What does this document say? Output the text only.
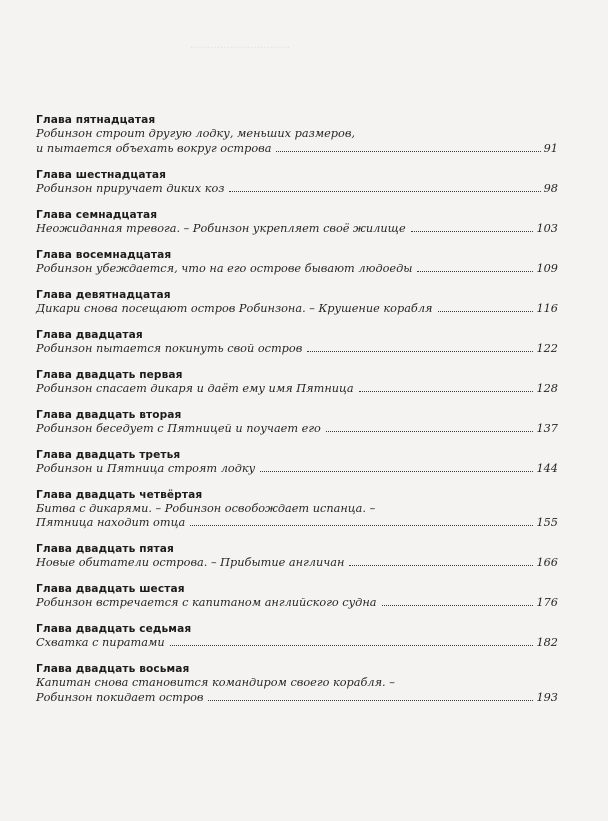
‥‥‥‥‥‥‥‥‥‥‥‥‥‥‥
Глава пятнадцатая
Робинзон строит другую лодку, меньших размеров,
и пытается объехать вокруг острова	91
Глава шестнадцатая
Робинзон приручает диких коз	98
Глава семнадцатая
Неожиданная тревога. – Робинзон укрепляет своё жилище	103
Глава восемнадцатая
Робинзон убеждается, что на его острове бывают людоеды	109
Глава девятнадцатая
Дикари снова посещают остров Робинзона. – Крушение корабля	116
Глава двадцатая
Робинзон пытается покинуть свой остров	122
Глава двадцать первая
Робинзон спасает дикаря и даёт ему имя Пятница	128
Глава двадцать вторая
Робинзон беседует с Пятницей и поучает его	137
Глава двадцать третья
Робинзон и Пятница строят лодку	144
Глава двадцать четвёртая
Битва с дикарями. – Робинзон освобождает испанца. –
Пятница находит отца	155
Глава двадцать пятая
Новые обитатели острова. – Прибытие англичан	166
Глава двадцать шестая
Робинзон встречается с капитаном английского судна	176
Глава двадцать седьмая
Схватка с пиратами	182
Глава двадцать восьмая
Капитан снова становится командиром своего корабля. –
Робинзон покидает остров	193
